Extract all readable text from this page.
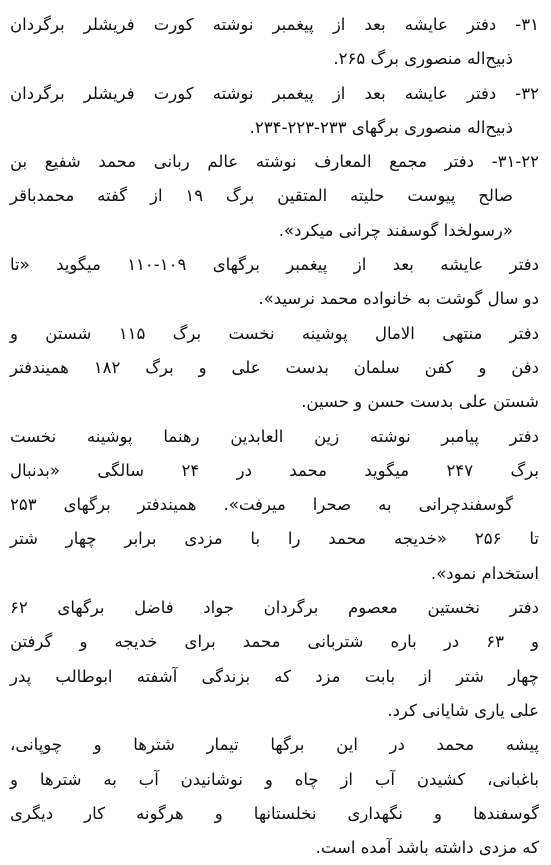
۳۱- دفتر عایشه بعد از پیغمبر نوشته کورت فریشلر برگردان
ذبیح‌اله منصوری برگ ۲۶۵.
۳۲- دفتر عایشه بعد از پیغمبر نوشته کورت فریشلر برگردان
ذبیح‌اله منصوری برگهای ۲۳۳-۲۲۳-۲۳۴.
۳۱-۲۲- دفتر مجمع المعارف نوشته عالم ربانی محمد شفیع بن
صالح پیوست حلیته المتقین برگ ۱۹ از گفته محمدباقر
«رسولخدا گوسفند چرانی میکرد».
دفتر عایشه بعد از پیغمبر برگهای ۱۰۹-۱۱۰ میگوید «تا
دو سال گوشت به خانواده محمد نرسید».
دفتر منتهی الامال پوشینه نخست برگ ۱۱۵ شستن و
دفن و کفن سلمان بدست علی و برگ ۱۸۲ همیندفتر
شستن علی بدست حسن و حسین.
دفتر پیامبر نوشته زین العابدین رهنما پوشینه نخست
برگ ۲۴۷ میگوید محمد در ۲۴ سالگی «بدنبال
گوسفندچرانی به صحرا میرفت». همیندفتر برگهای ۲۵۳
تا ۲۵۶ «خدیجه محمد را با مزدی برابر چهار شتر
استخدام نمود».
دفتر نخستین معصوم برگردان جواد فاضل برگهای ۶۲
و ۶۳ در باره شتربانی محمد برای خدیجه و گرفتن
چهار شتر از بابت مزد که بزندگی آشفته ابوطالب پدر
علی یاری شایانی کرد.
پیشه محمد در این برگها تیمار شترها و چوپانی،
باغبانی، کشیدن آب از چاه و نوشانیدن آب به شترها و
گوسفندها و نگهداری نخلستانها و هرگونه کار دیگری
که مزدی داشته باشد آمده است.
